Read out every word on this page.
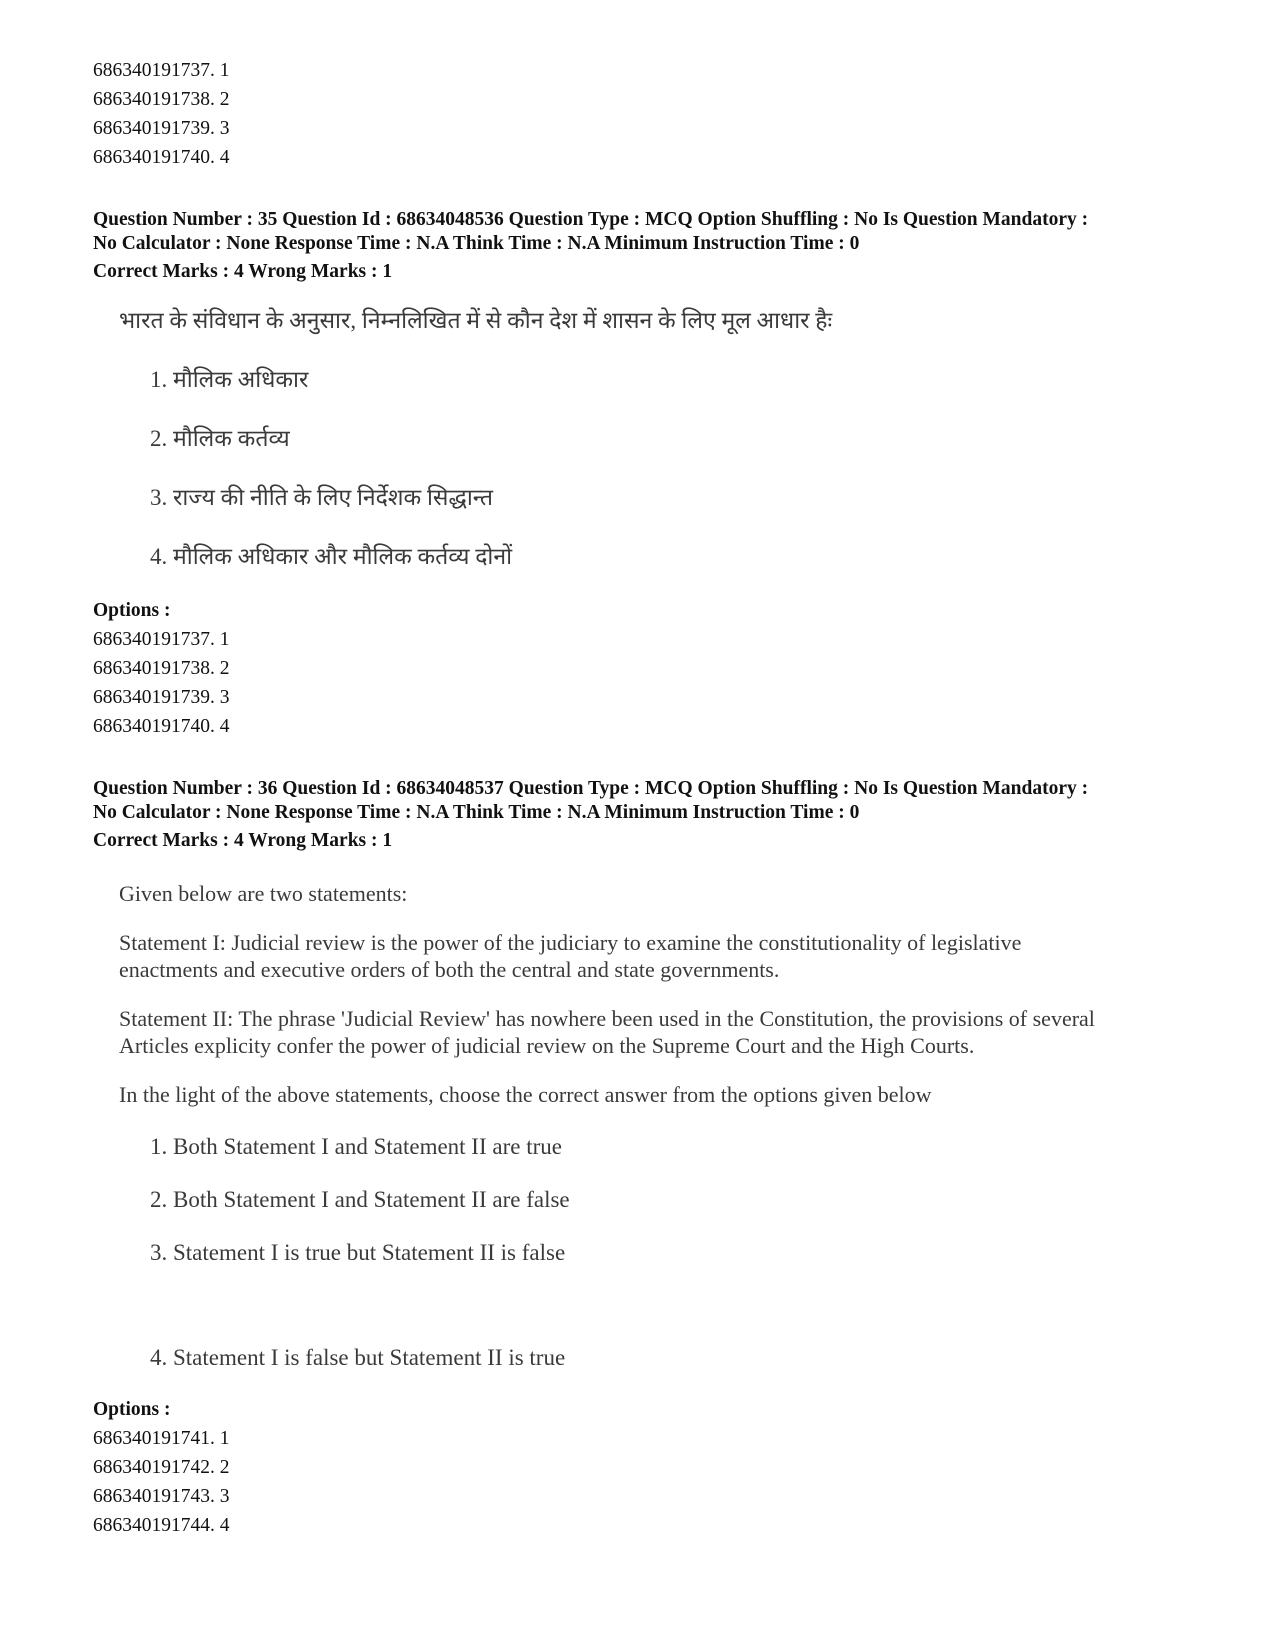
686340191737. 1
686340191738. 2
686340191739. 3
686340191740. 4
Question Number : 35 Question Id : 68634048536 Question Type : MCQ Option Shuffling : No Is Question Mandatory :
No Calculator : None Response Time : N.A Think Time : N.A Minimum Instruction Time : 0
Correct Marks : 4 Wrong Marks : 1
भारत के संविधान के अनुसार, निम्नलिखित में से कौन देश में शासन के लिए मूल आधार हैः
1. मौलिक अधिकार
2. मौलिक कर्तव्य
3. राज्य की नीति के लिए निर्देशक सिद्धान्त
4. मौलिक अधिकार और मौलिक कर्तव्य दोनों
Options :
686340191737. 1
686340191738. 2
686340191739. 3
686340191740. 4
Question Number : 36 Question Id : 68634048537 Question Type : MCQ Option Shuffling : No Is Question Mandatory :
No Calculator : None Response Time : N.A Think Time : N.A Minimum Instruction Time : 0
Correct Marks : 4 Wrong Marks : 1
Given below are two statements:
Statement I: Judicial review is the power of the judiciary to examine the constitutionality of legislative
enactments and executive orders of both the central and state governments.
Statement II: The phrase 'Judicial Review' has nowhere been used in the Constitution, the provisions of several
Articles explicity confer the power of judicial review on the Supreme Court and the High Courts.
In the light of the above statements, choose the correct answer from the options given below
1. Both Statement I and Statement II are true
2. Both Statement I and Statement II are false
3. Statement I is true but Statement II is false
4. Statement I is false but Statement II is true
Options :
686340191741. 1
686340191742. 2
686340191743. 3
686340191744. 4
